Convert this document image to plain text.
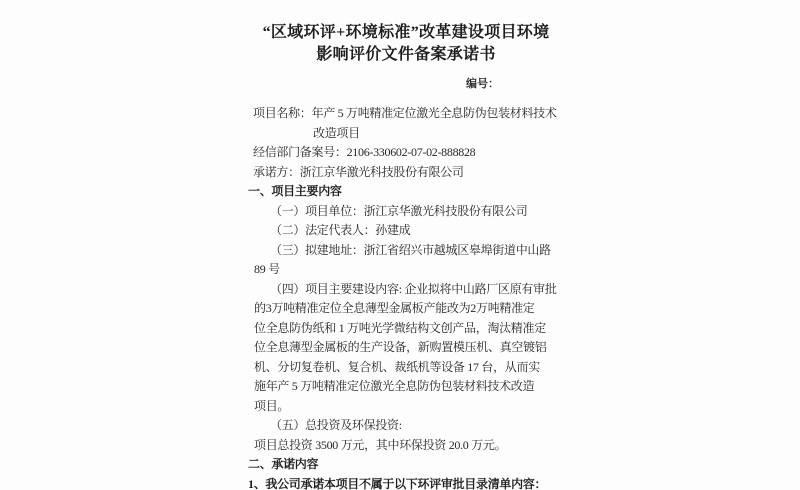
“区域环评+环境标准”改革建设项目环境
影响评价文件备案承诺书
编号：
项目名称：年产 5 万吨精准定位激光全息防伪包装材料技术
改造项目
经信部门备案号：2106-330602-07-02-888828
承诺方：浙江京华激光科技股份有限公司
一、项目主要内容
（一）项目单位：浙江京华激光科技股份有限公司
（二）法定代表人：孙建成
（三）拟建地址：浙江省绍兴市越城区皋埠街道中山路
89 号
（四）项目主要建设内容: 企业拟将中山路厂区原有审批
的3万吨精准定位全息薄型金属板产能改为2万吨精准定
位全息防伪纸和 1 万吨光学微结构文创产品，淘汰精准定
位全息薄型金属板的生产设备，新购置模压机、真空镀铝
机、分切复卷机、复合机、裁纸机等设备 17 台，从而实
施年产 5 万吨精准定位激光全息防伪包装材料技术改造
项目。
（五）总投资及环保投资:
项目总投资 3500 万元，其中环保投资 20.0 万元。
二、承诺内容
1、我公司承诺本项目不属于以下环评审批目录清单内容：
